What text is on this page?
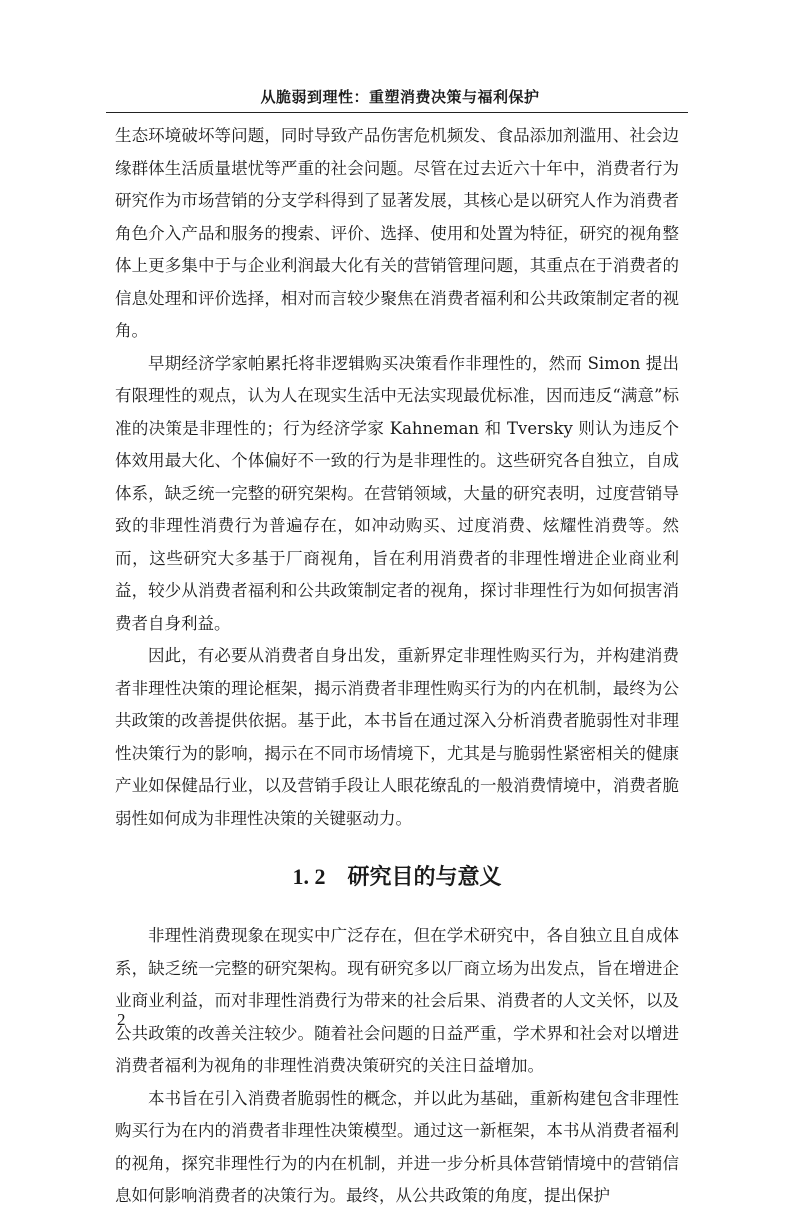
从脆弱到理性：重塑消费决策与福利保护

生态环境破坏等问题，同时导致产品伤害危机频发、食品添加剂滥用、社会边缘群体生活质量堪忧等严重的社会问题。尽管在过去近六十年中，消费者行为研究作为市场营销的分支学科得到了显著发展，其核心是以研究人作为消费者角色介入产品和服务的搜索、评价、选择、使用和处置为特征，研究的视角整体上更多集中于与企业利润最大化有关的营销管理问题，其重点在于消费者的信息处理和评价选择，相对而言较少聚焦在消费者福利和公共政策制定者的视角。

早期经济学家帕累托将非逻辑购买决策看作非理性的，然而 Simon 提出有限理性的观点，认为人在现实生活中无法实现最优标准，因而违反“满意”标准的决策是非理性的；行为经济学家 Kahneman 和 Tversky 则认为违反个体效用最大化、个体偏好不一致的行为是非理性的。这些研究各自独立，自成体系，缺乏统一完整的研究架构。在营销领域，大量的研究表明，过度营销导致的非理性消费行为普遍存在，如冲动购买、过度消费、炫耀性消费等。然而，这些研究大多基于厂商视角，旨在利用消费者的非理性增进企业商业利益，较少从消费者福利和公共政策制定者的视角，探讨非理性行为如何损害消费者自身利益。

因此，有必要从消费者自身出发，重新界定非理性购买行为，并构建消费者非理性决策的理论框架，揭示消费者非理性购买行为的内在机制，最终为公共政策的改善提供依据。基于此，本书旨在通过深入分析消费者脆弱性对非理性决策行为的影响，揭示在不同市场情境下，尤其是与脆弱性紧密相关的健康产业如保健品行业，以及营销手段让人眼花缭乱的一般消费情境中，消费者脆弱性如何成为非理性决策的关键驱动力。

1. 2 研究目的与意义

非理性消费现象在现实中广泛存在，但在学术研究中，各自独立且自成体系，缺乏统一完整的研究架构。现有研究多以厂商立场为出发点，旨在增进企业商业利益，而对非理性消费行为带来的社会后果、消费者的人文关怀，以及公共政策的改善关注较少。随着社会问题的日益严重，学术界和社会对以增进消费者福利为视角的非理性消费决策研究的关注日益增加。

本书旨在引入消费者脆弱性的概念，并以此为基础，重新构建包含非理性购买行为在内的消费者非理性决策模型。通过这一新框架，本书从消费者福利的视角，探究非理性行为的内在机制，并进一步分析具体营销情境中的营销信息如何影响消费者的决策行为。最终，从公共政策的角度，提出保护

2
